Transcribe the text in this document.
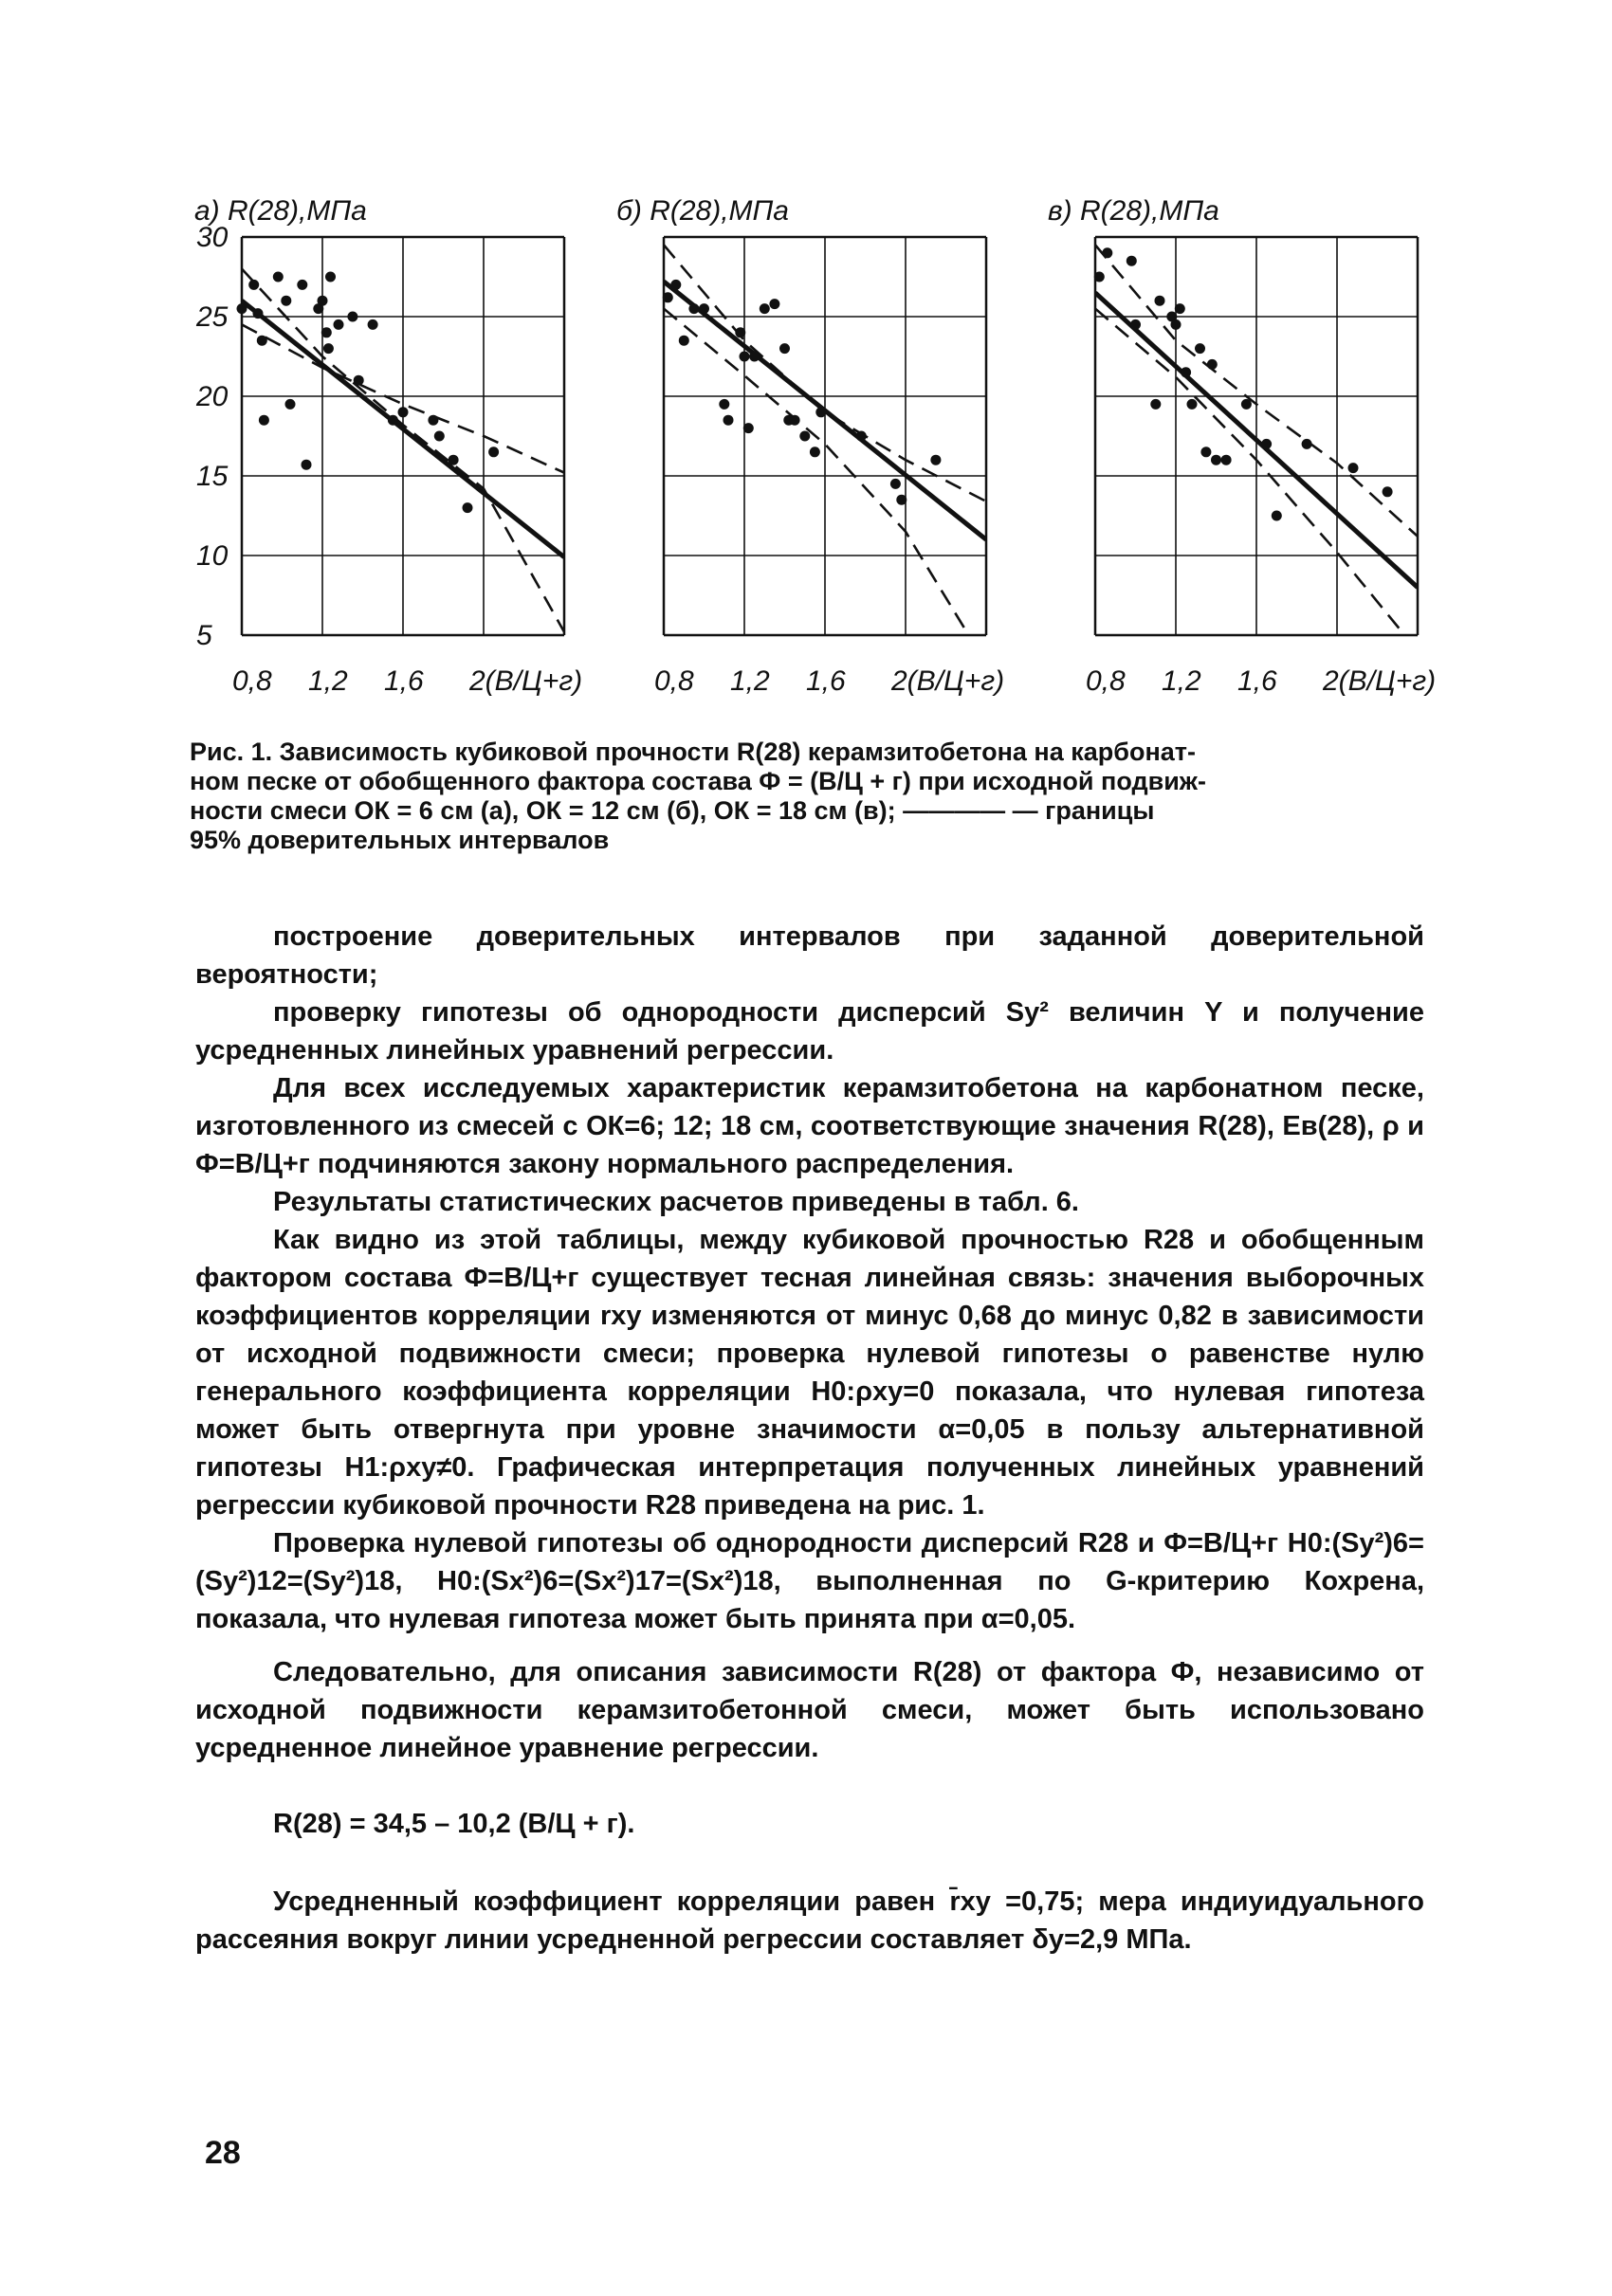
а) R(28),МПа
30
25
20
15
10
5
0,8 1,2 1,6 2(В/Ц+г)
б) R(28),МПа
0,8 1,2 1,6 2(В/Ц+г)
в) R(28),МПа
0,8 1,2 1,6 2(В/Ц+г)
Рис. 1. Зависимость кубиковой прочности R(28) керамзитобетона на карбонат-
ном песке от обобщенного фактора состава Ф = (В/Ц + г) при исходной подвиж-
ности смеси ОК = 6 см (а), ОК = 12 см (б), ОК = 18 см (в); ———— — границы
95% доверительных интервалов

построение доверительных интервалов при заданной доверительной вероятности;

проверку гипотезы об однородности дисперсий Sy² величин Y и получение усредненных линейных уравнений регрессии.

Для всех исследуемых характеристик керамзитобетона на карбонатном песке, изготовленного из смесей с ОК=6; 12; 18 см, соответствующие значения R(28), Eв(28), ρ и Ф=В/Ц+г подчиняются закону нормального распределения.

Результаты статистических расчетов приведены в табл. 6.

Как видно из этой таблицы, между кубиковой прочностью R28 и обобщенным фактором состава Ф=В/Ц+г существует тесная линейная связь: значения выборочных коэффициентов корреляции rxy изменяются от минус 0,68 до минус 0,82 в зависимости от исходной подвижности смеси; проверка нулевой гипотезы о равенстве нулю генерального коэффициента корреляции H0:ρxy=0 показала, что нулевая гипотеза может быть отвергнута при уровне значимости α=0,05 в пользу альтернативной гипотезы H1:ρxy≠0. Графическая интерпретация полученных линейных уравнений регрессии кубиковой прочности R28 приведена на рис. 1.

Проверка нулевой гипотезы об однородности дисперсий R28 и Ф=В/Ц+г H0:(Sy²)6=(Sy²)12=(Sy²)18, H0:(Sx²)6=(Sx²)17=(Sx²)18, выполненная по G-критерию Кохрена, показала, что нулевая гипотеза может быть принята при α=0,05.

Следовательно, для описания зависимости R(28) от фактора Ф, независимо от исходной подвижности керамзитобетонной смеси, может быть использовано усредненное линейное уравнение регрессии.

R(28) = 34,5 – 10,2 (В/Ц + г).

Усредненный коэффициент корреляции равен r̄xy =0,75; мера индиуидуального рассеяния вокруг линии усредненной регрессии составляет δy=2,9 МПа.

28
